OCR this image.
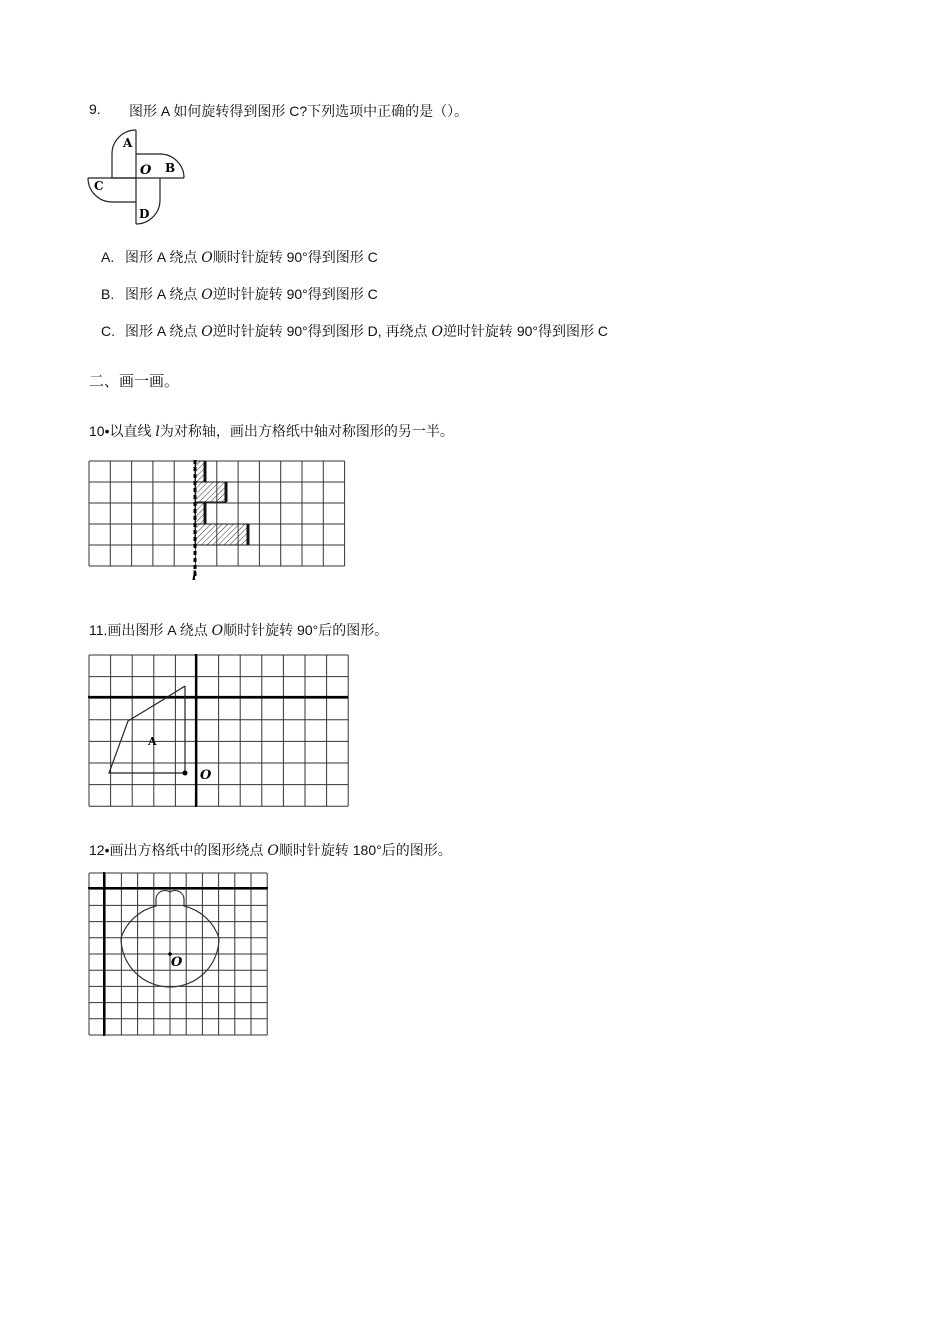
9. 图形 A 如何旋转得到图形 C?下列选项中正确的是（）。
A
B
C
D
O
A. 图形 A 绕点 O顺时针旋转 90°得到图形 C
B. 图形 A 绕点 O逆时针旋转 90°得到图形 C
C. 图形 A 绕点 O逆时针旋转 90°得到图形 D, 再绕点 O逆时针旋转 90°得到图形 C
二、画一画。
10•以直线 l为对称轴，画出方格纸中轴对称图形的另一半。
l
11.画出图形 A 绕点 O顺时针旋转 90°后的图形。
A
O
12•画出方格纸中的图形绕点 O顺时针旋转 180°后的图形。
O
